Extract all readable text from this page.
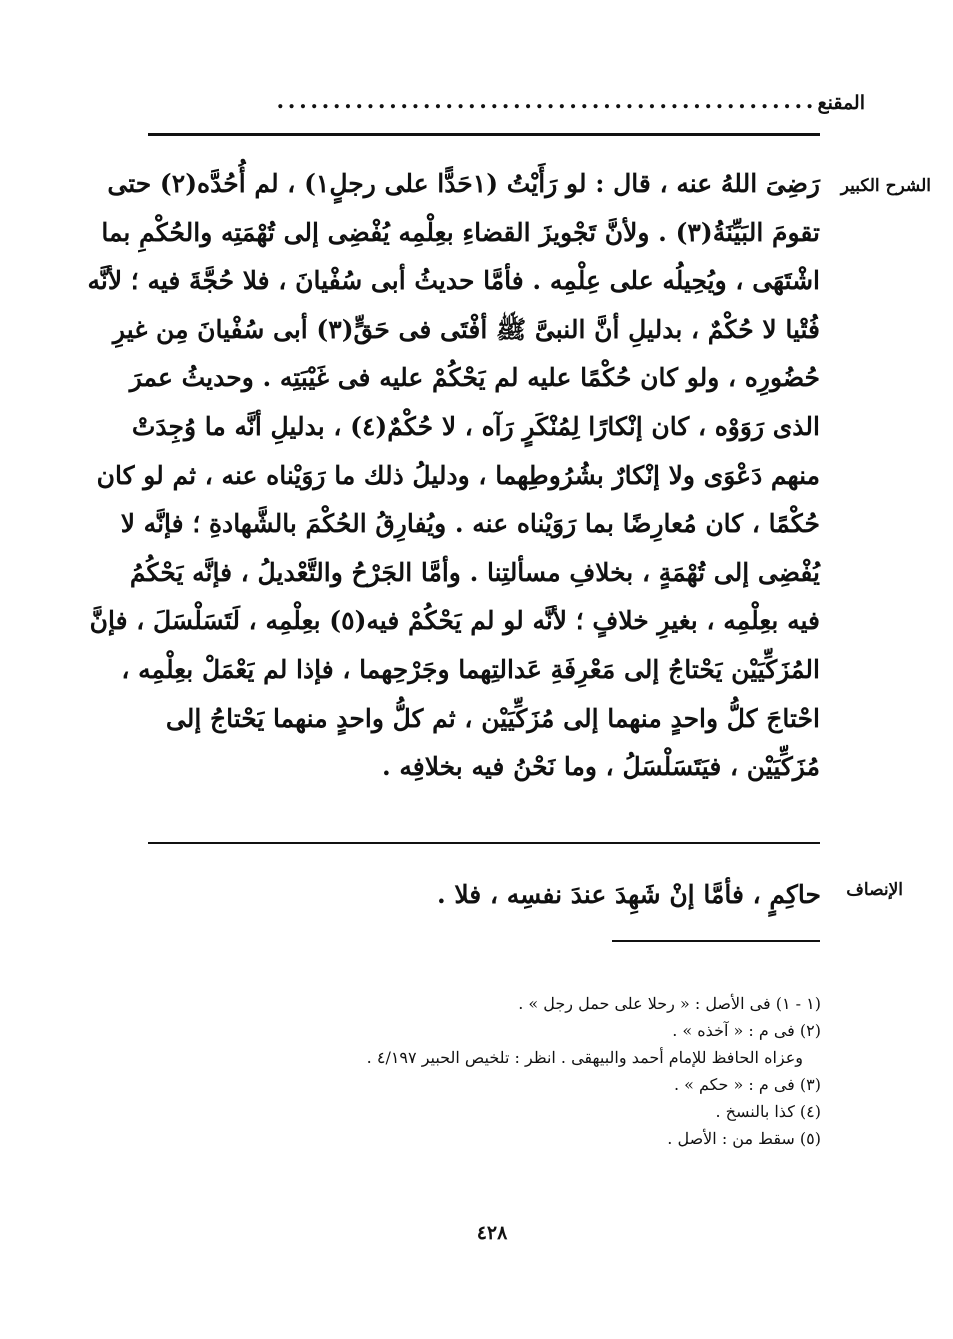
المقنع
................................................
الشرح الكبير
رَضِىَ اللهُ عنه ، قال : لو رَأَيْتُ (١حَدًّا على رجلٍ١) ، لم أُحُدَّه(٢) حتى
تقومَ البَيِّنَةُ(٣) . ولأنَّ تَجْويزَ القضاءِ بعِلْمِه يُفْضِى إلى تُهْمَتِه والحُكْمِ بما
اشْتَهَى ، ويُحِيلُه على عِلْمِه . فأمَّا حديثُ أبى سُفْيانَ ، فلا حُجَّةَ فيه ؛ لأنَّه
فُتْيا لا حُكْمٌ ، بدليلِ أنَّ النبىَّ ﷺ أفْتَى فى حَقٍّ(٣) أبى سُفْيانَ مِن غيرِ
حُضُورِه ، ولو كان حُكْمًا عليه لم يَحْكُمْ عليه فى غَيْبَتِه . وحديثُ عمرَ
الذى رَوَوْه ، كان إنْكارًا لِمُنْكَرٍ رَآه ، لا حُكْمٌ(٤) ، بدليلِ أنَّه ما وُجِدَتْ
منهم دَعْوَى ولا إنْكارٌ بشُرُوطِهما ، ودليلُ ذلك ما رَوَيْناه عنه ، ثم لو كان
حُكْمًا ، كان مُعارِضًا بما رَوَيْناه عنه . ويُفارِقُ الحُكْمَ بالشَّهادةِ ؛ فإنَّه لا
يُفْضِى إلى تُهْمَةٍ ، بخلافِ مسألتِنا . وأمَّا الجَرْحُ والتَّعْديلُ ، فإنَّه يَحْكُمُ
فيه بعِلْمِه ، بغيرِ خلافٍ ؛ لأنَّه لو لم يَحْكُمْ فيه(٥) بعِلْمِه ، لَتَسَلْسَلَ ، فإنَّ
المُزَكِّيَيْن يَحْتاجُ إلى مَعْرِفَةِ عَدالتِهما وجَرْحِهما ، فإذا لم يَعْمَلْ بعِلْمِه ،
احْتاجَ كلُّ واحدٍ منهما إلى مُزَكِّيَيْن ، ثم كلُّ واحدٍ منهما يَحْتاجُ إلى
مُزَكِّيَيْن ، فيَتَسَلْسَلُ ، وما نَحْنُ فيه بخلافِه .
الإنصاف
حاكِمٍ ، فأمَّا إنْ شَهِدَ عندَ نفسِه ، فلا .
(١ - ١) فى الأصل : « رحلا على حمل رجل » .
(٢) فى م : « آخذه » .
وعزاه الحافظ للإمام أحمد والبيهقى . انظر : تلخيص الحبير ٤/١٩٧ .
(٣) فى م : « حكم » .
(٤) كذا بالنسخ .
(٥) سقط من : الأصل .
٤٢٨
